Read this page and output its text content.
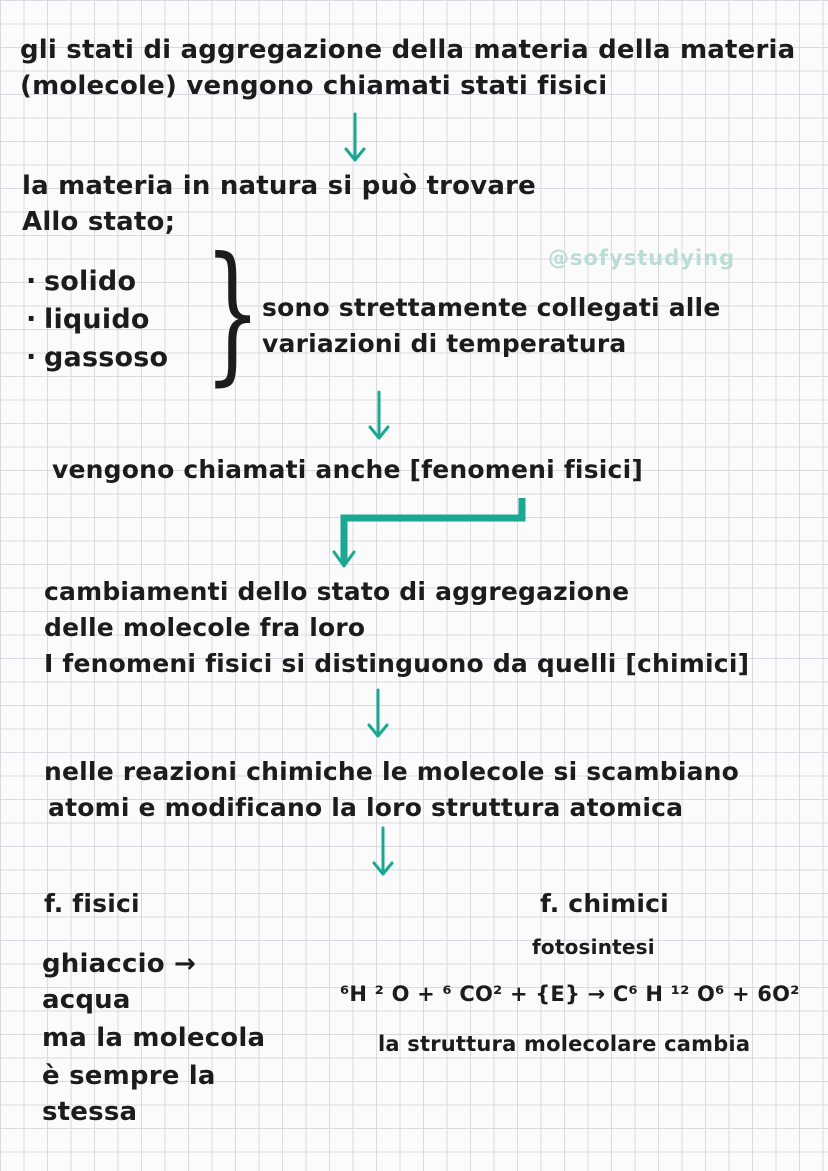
gli stati di aggregazione della materia della materia
(molecole) vengono chiamati stati fisici
la materia in natura si può trovare
Allo stato;
@sofystudying
· solido
· liquido
· gassoso } sono strettamente collegati alle
variazioni di temperatura
vengono chiamati anche [fenomeni fisici]
cambiamenti dello stato di aggregazione
delle molecole fra loro
I fenomeni fisici si distinguono da quelli [chimici]
nelle reazioni chimiche le molecole si scambiano
atomi e modificano la loro struttura atomica
f. fisici
ghiaccio →
acqua
ma la molecola
è sempre la
stessa
f. chimici
fotosintesi
⁶H ² O + ⁶ CO² + {E} → C⁶ H ¹² O⁶ + 6O²
la struttura molecolare cambia
